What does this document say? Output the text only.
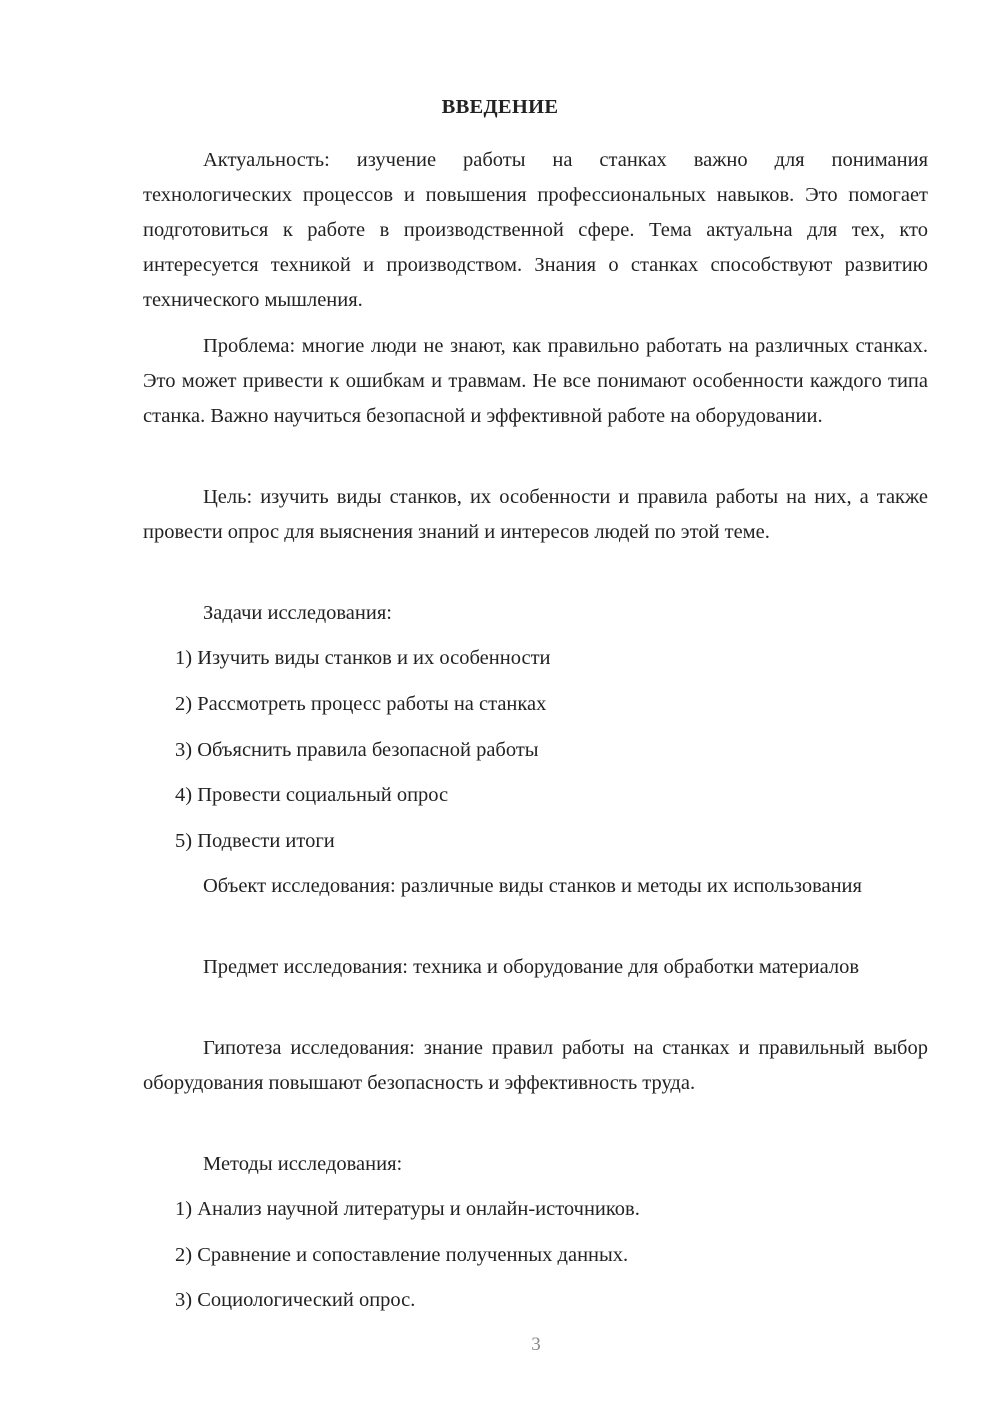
ВВЕДЕНИЕ
Актуальность: изучение работы на станках важно для понимания технологических процессов и повышения профессиональных навыков. Это помогает подготовиться к работе в производственной сфере. Тема актуальна для тех, кто интересуется техникой и производством. Знания о станках способствуют развитию технического мышления.
Проблема: многие люди не знают, как правильно работать на различных станках. Это может привести к ошибкам и травмам. Не все понимают особенности каждого типа станка. Важно научиться безопасной и эффективной работе на оборудовании.
Цель: изучить виды станков, их особенности и правила работы на них, а также провести опрос для выяснения знаний и интересов людей по этой теме.
Задачи исследования:
1) Изучить виды станков и их особенности
2) Рассмотреть процесс работы на станках
3) Объяснить правила безопасной работы
4) Провести социальный опрос
5) Подвести итоги
Объект исследования: различные виды станков и методы их использования
Предмет исследования: техника и оборудование для обработки материалов
Гипотеза исследования: знание правил работы на станках и правильный выбор оборудования повышают безопасность и эффективность труда.
Методы исследования:
1) Анализ научной литературы и онлайн-источников.
2) Сравнение и сопоставление полученных данных.
3) Социологический опрос.
3
